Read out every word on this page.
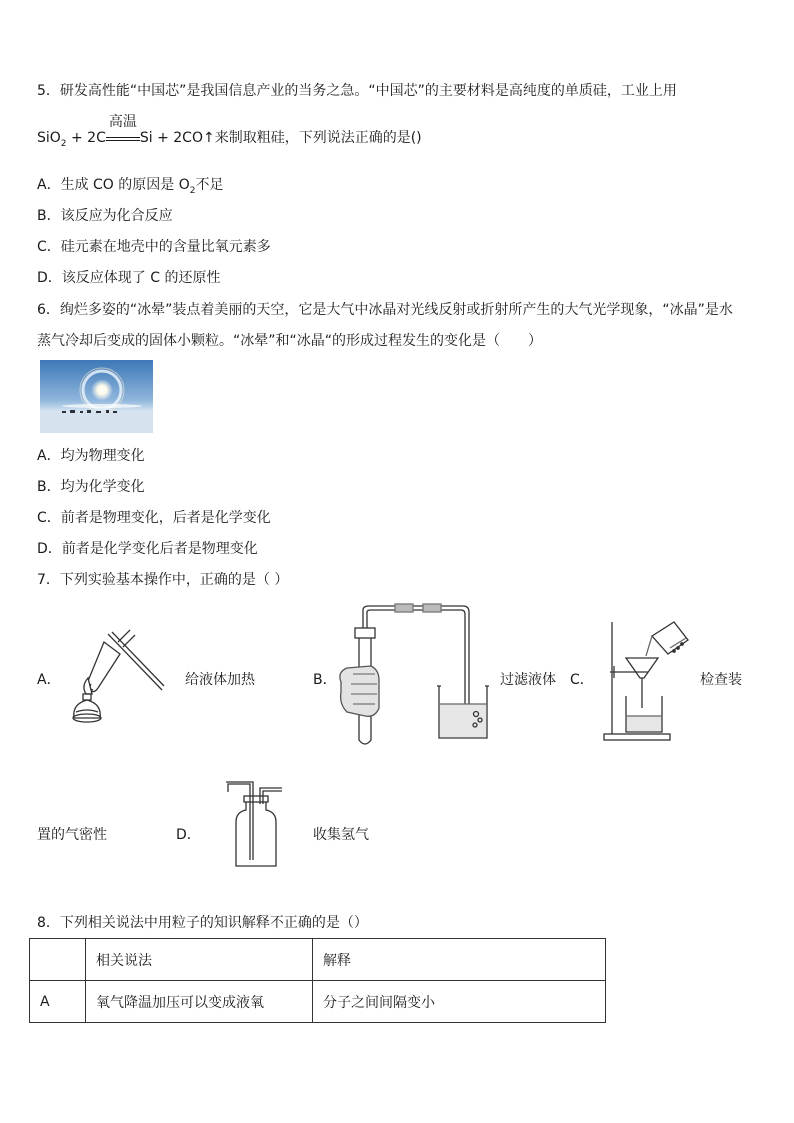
5．研发高性能“中国芯”是我国信息产业的当务之急。“中国芯”的主要材料是高纯度的单质硅，工业上用
SiO$_2$ + 2C
高温
Si + 2CO↑来制取粗硅，下列说法正确的是()
A．生成 CO 的原因是 $O_2$不足
B．该反应为化合反应
C．硅元素在地壳中的含量比氧元素多
D．该反应体现了 C 的还原性
6．绚烂多姿的“冰晕”装点着美丽的天空，它是大气中冰晶对光线反射或折射所产生的大气光学现象，“冰晶”是水
蒸气冷却后变成的固体小颗粒。“冰晕”和“冰晶“的形成过程发生的变化是（　　）
A．均为物理变化
B．均为化学变化
C．前者是物理变化，后者是化学变化
D．前者是化学变化后者是物理变化
7．下列实验基本操作中，正确的是（ ）
A．	给液体加热	B．	过滤液体 C．	检查装
置的气密性	D．	收集氢气
8．下列相关说法中用粒子的知识解释不正确的是（）
	相关说法	解释
A	氧气降温加压可以变成液氧	分子之间间隔变小
